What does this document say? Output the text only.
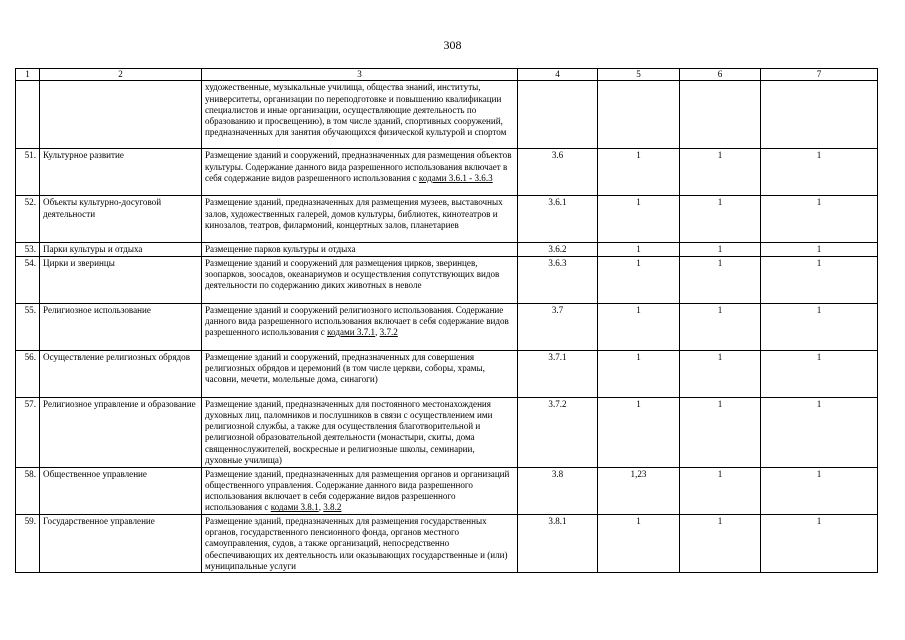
308
1	2	3	4	5	6	7
		художественные, музыкальные училища, общества знаний, институты, университеты, организации по переподготовке и повышению квалификации специалистов и иные организации, осуществляющие деятельность по образованию и просвещению), в том числе зданий, спортивных сооружений, предназначенных для занятия обучающихся физической культурой и спортом				
51.	Культурное развитие	Размещение зданий и сооружений, предназначенных для размещения объектов культуры. Содержание данного вида разрешенного использования включает в себя содержание видов разрешенного использования с кодами 3.6.1 - 3.6.3	3.6	1	1	1
52.	Объекты культурно-досуговой деятельности	Размещение зданий, предназначенных для размещения музеев, выставочных залов, художественных галерей, домов культуры, библиотек, кинотеатров и кинозалов, театров, филармоний, концертных залов, планетариев	3.6.1	1	1	1
53.	Парки культуры и отдыха	Размещение парков культуры и отдыха	3.6.2	1	1	1
54.	Цирки и зверинцы	Размещение зданий и сооружений для размещения цирков, зверинцев, зоопарков, зоосадов, океанариумов и осуществления сопутствующих видов деятельности по содержанию диких животных в неволе	3.6.3	1	1	1
55.	Религиозное использование	Размещение зданий и сооружений религиозного использования. Содержание данного вида разрешенного использования включает в себя содержание видов разрешенного использования с кодами 3.7.1, 3.7.2	3.7	1	1	1
56.	Осуществление религиозных обрядов	Размещение зданий и сооружений, предназначенных для совершения религиозных обрядов и церемоний (в том числе церкви, соборы, храмы, часовни, мечети, молельные дома, синагоги)	3.7.1	1	1	1
57.	Религиозное управление и образование	Размещение зданий, предназначенных для постоянного местонахождения духовных лиц, паломников и послушников в связи с осуществлением ими религиозной службы, а также для осуществления благотворительной и религиозной образовательной деятельности (монастыри, скиты, дома священнослужителей, воскресные и религиозные школы, семинарии, духовные училища)	3.7.2	1	1	1
58.	Общественное управление	Размещение зданий, предназначенных для размещения органов и организаций общественного управления. Содержание данного вида разрешенного использования включает в себя содержание видов разрешенного использования с кодами 3.8.1, 3.8.2	3.8	1,23	1	1
59.	Государственное управление	Размещение зданий, предназначенных для размещения государственных органов, государственного пенсионного фонда, органов местного самоуправления, судов, а также организаций, непосредственно обеспечивающих их деятельность или оказывающих государственные и (или) муниципальные услуги	3.8.1	1	1	1
